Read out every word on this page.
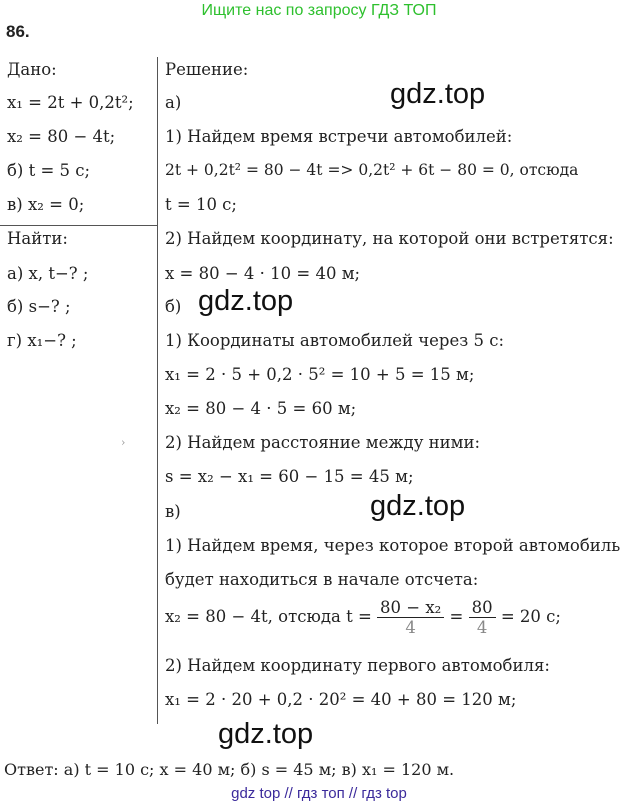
Ищите нас по запросу ГДЗ ТОП
86.
Дано:
x₁ = 2t + 0,2t²;
x₂ = 80 − 4t;
б) t = 5 с;
в) x₂ = 0;
Найти:
а) x, t−? ;
б) s−? ;
г) x₁−? ;
›
Решение:
а)
1) Найдем время встречи автомобилей:
2t + 0,2t² = 80 − 4t => 0,2t² + 6t − 80 = 0, отсюда
t = 10 с;
2) Найдем координату, на которой они встретятся:
x = 80 − 4 · 10 = 40 м;
б)
1) Координаты автомобилей через 5 с:
x₁ = 2 · 5 + 0,2 · 5² = 10 + 5 = 15 м;
x₂ = 80 − 4 · 5 = 60 м;
2) Найдем расстояние между ними:
s = x₂ − x₁ = 60 − 15 = 45 м;
в)
1) Найдем время, через которое второй автомобиль
будет находиться в начале отсчета:
x₂ = 80 − 4t, отсюда $t = \frac{\text{80 − x₂}}{4} = \frac{80}{4} = 20$ с;
2) Найдем координату первого автомобиля:
x₁ = 2 · 20 + 0,2 · 20² = 40 + 80 = 120 м;
gdz.top
gdz.top
gdz.top
gdz.top
Ответ: а) t = 10 с; x = 40 м; б) s = 45 м; в) x₁ = 120 м.
gdz top // гдз топ // гдз top
